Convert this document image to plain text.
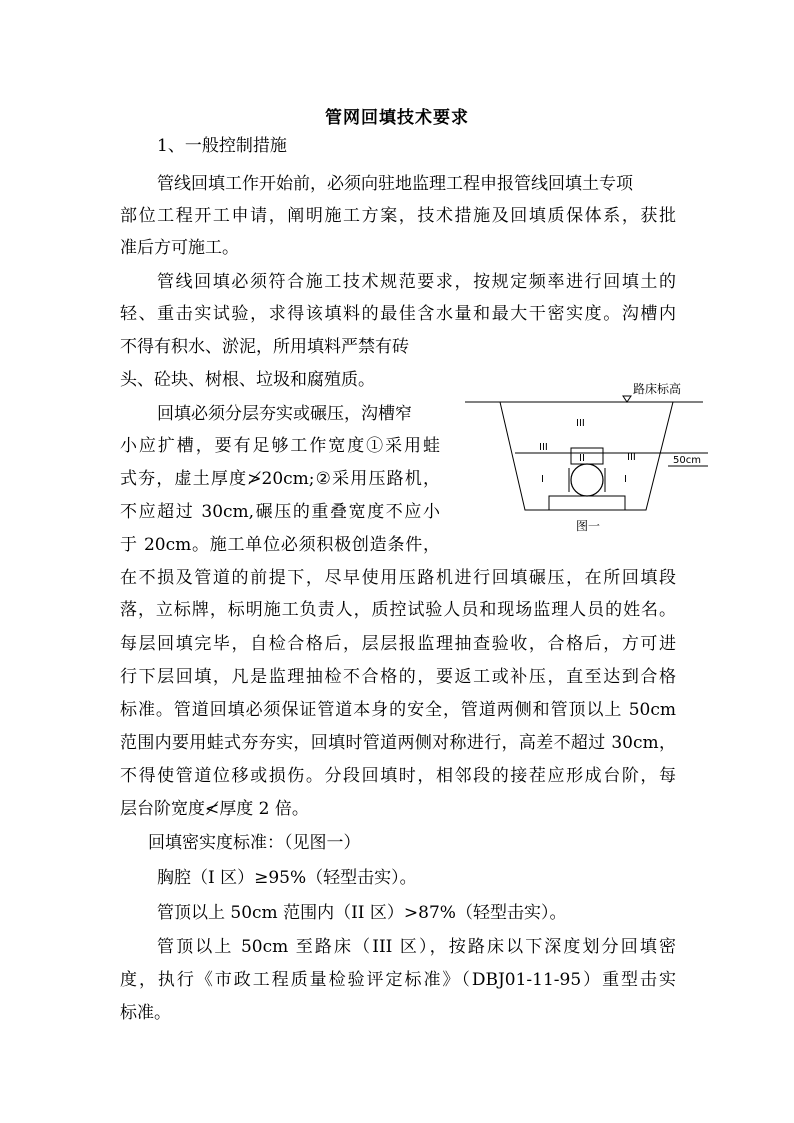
管网回填技术要求
1、一般控制措施
管线回填工作开始前，必须向驻地监理工程申报管线回填土专项
部位工程开工申请，阐明施工方案，技术措施及回填质保体系，获批
准后方可施工。
管线回填必须符合施工技术规范要求，按规定频率进行回填土的
轻、重击实试验，求得该填料的最佳含水量和最大干密实度。沟槽内
不得有积水、淤泥，所用填料严禁有砖
头、砼块、树根、垃圾和腐殖质。
回填必须分层夯实或碾压，沟槽窄
小应扩槽，要有足够工作宽度①采用蛙
式夯，虚土厚度≯20cm;②采用压路机，
不应超过 30cm,碾压的重叠宽度不应小
于 20cm。施工单位必须积极创造条件，
在不损及管道的前提下，尽早使用压路机进行回填碾压，在所回填段
落，立标牌，标明施工负责人，质控试验人员和现场监理人员的姓名。
每层回填完毕，自检合格后，层层报监理抽查验收，合格后，方可进
行下层回填，凡是监理抽检不合格的，要返工或补压，直至达到合格
标准。管道回填必须保证管道本身的安全，管道两侧和管顶以上 50cm
范围内要用蛙式夯夯实，回填时管道两侧对称进行，高差不超过 30cm，
不得使管道位移或损伤。分段回填时，相邻段的接茬应形成台阶，每
层台阶宽度≮厚度 2 倍。
回填密实度标准：（见图一）
胸腔（I 区）≥95%（轻型击实）。
管顶以上 50cm 范围内（II 区）>87%（轻型击实）。
管顶以上 50cm 至路床（III 区），按路床以下深度划分回填密
度，执行《市政工程质量检验评定标准》（DBJ01-11-95）重型击实
标准。
路床标高
50cm
II
III
III
III
I	I
图一
